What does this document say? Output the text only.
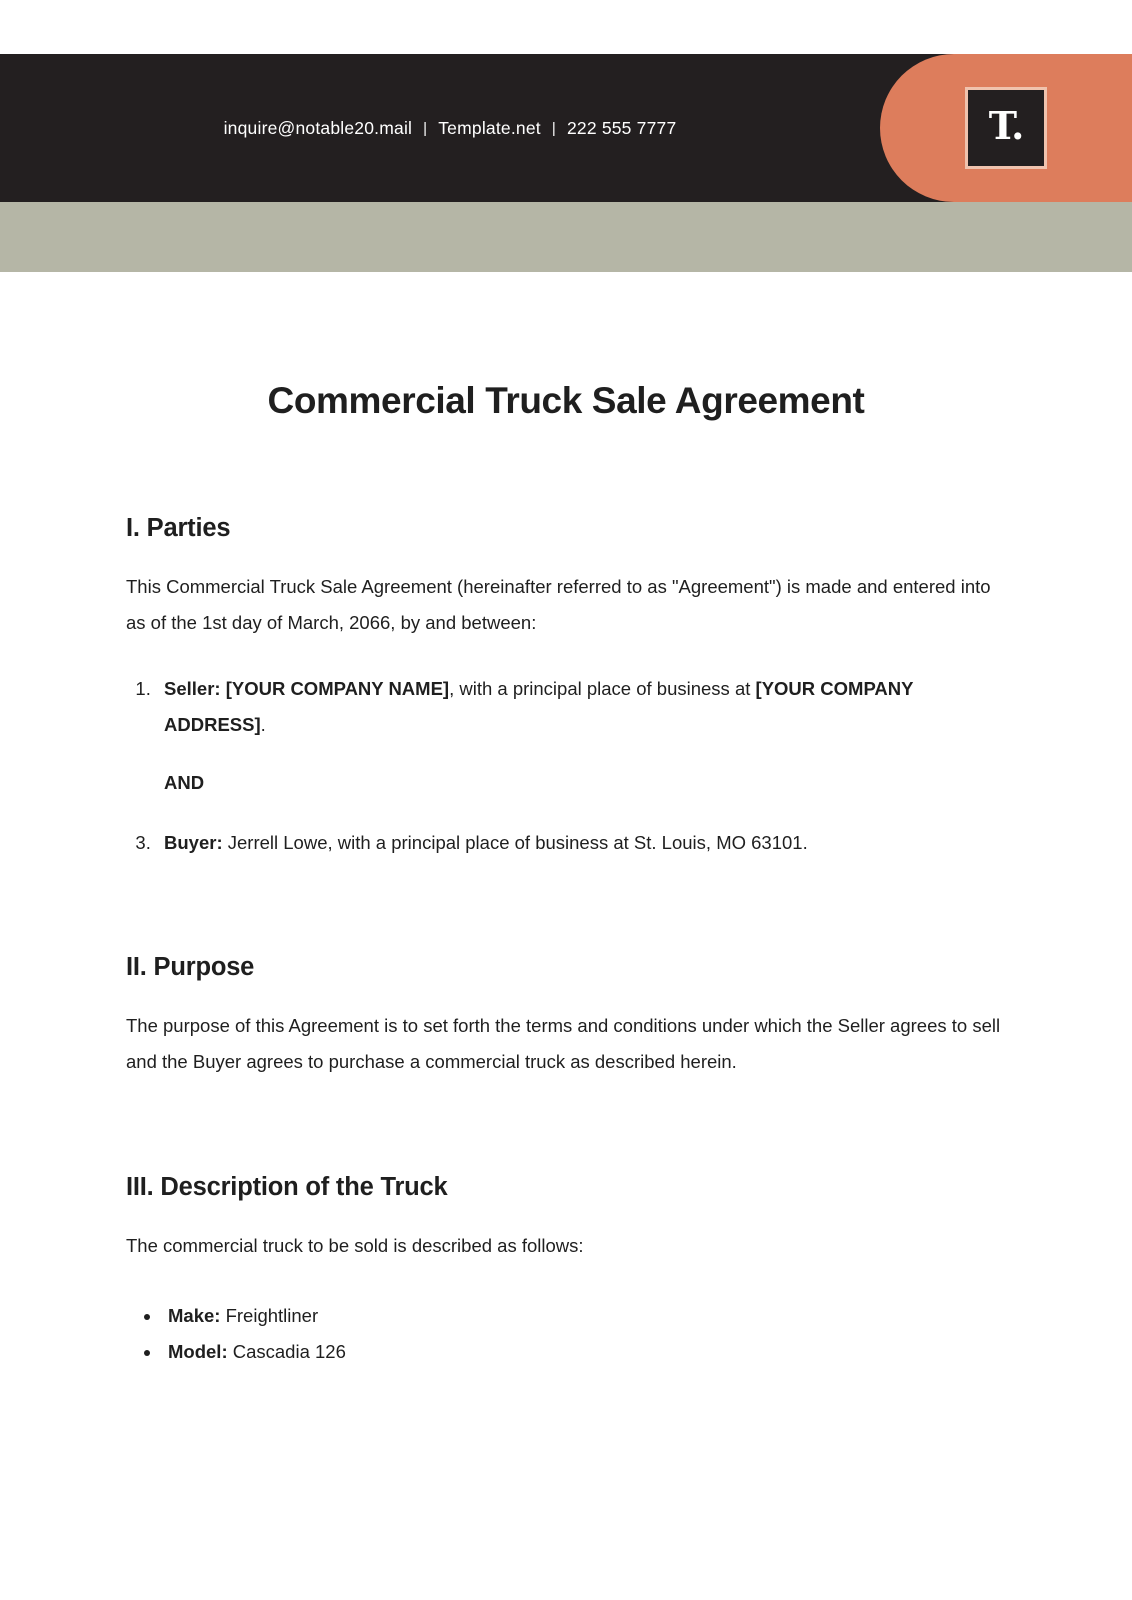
inquire@notable20.mail | Template.net | 222 555 7777	T.
Commercial Truck Sale Agreement
I. Parties

This Commercial Truck Sale Agreement (hereinafter referred to as "Agreement") is made and entered into as of the 1st day of March, 2066, by and between:

1. Seller: [YOUR COMPANY NAME], with a principal place of business at [YOUR COMPANY ADDRESS].
AND
3. Buyer: Jerrell Lowe, with a principal place of business at St. Louis, MO 63101.
II. Purpose

The purpose of this Agreement is to set forth the terms and conditions under which the Seller agrees to sell and the Buyer agrees to purchase a commercial truck as described herein.

III. Description of the Truck

The commercial truck to be sold is described as follows:

• Make: Freightliner
• Model: Cascadia 126
